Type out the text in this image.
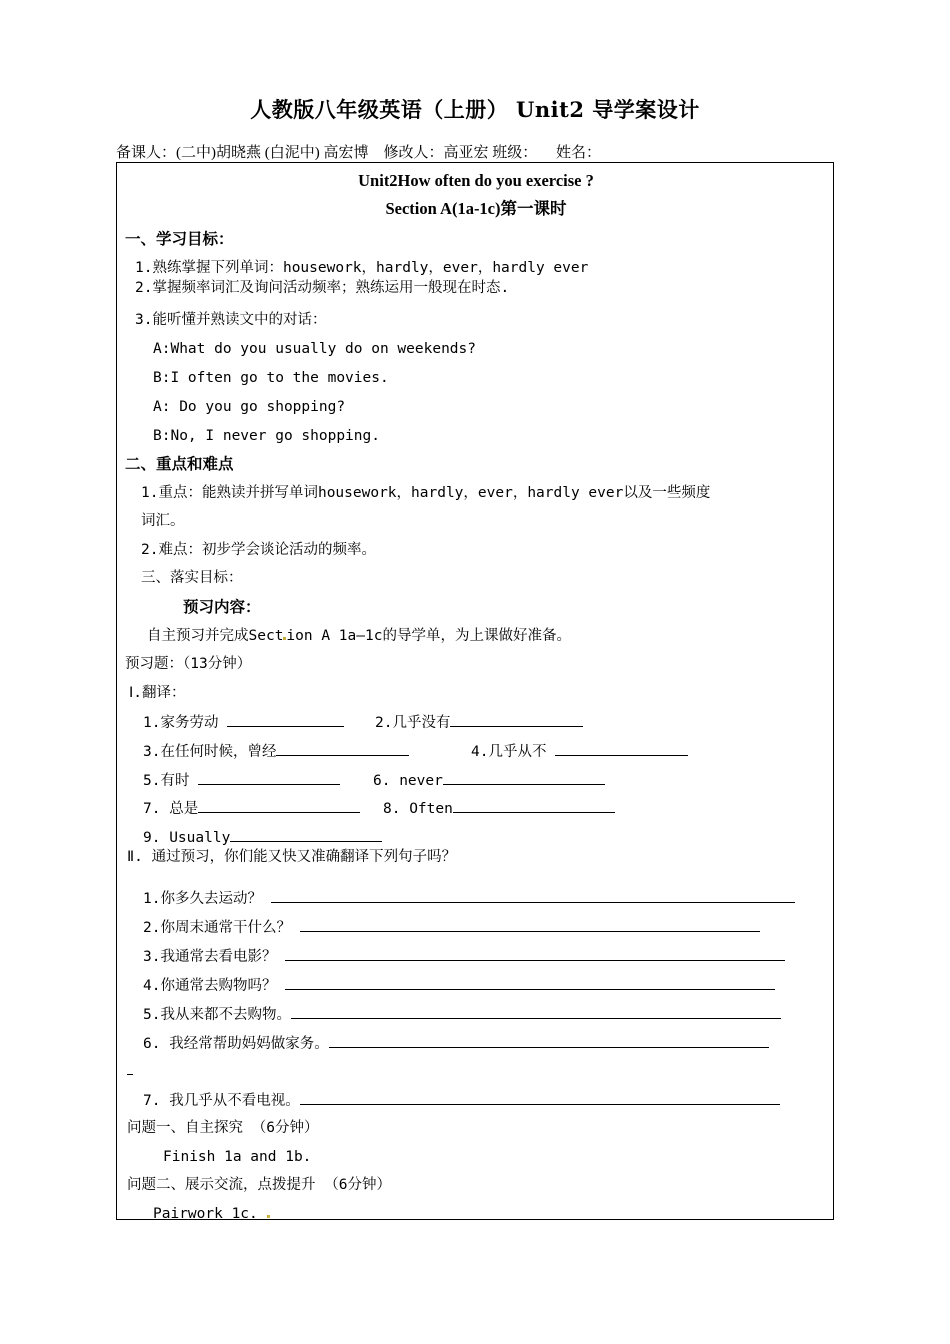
人教版八年级英语（上册） Unit2 导学案设计
备课人：(二中)胡晓燕 (白泥中) 高宏博    修改人：高亚宏 班级：     姓名：
Unit2How often do you exercise ?
Section A(1a-1c)第一课时
一、学习目标：
1.熟练掌握下列单词：housework，hardly，ever，hardly ever
2.掌握频率词汇及询问活动频率；熟练运用一般现在时态.
3.能听懂并熟读文中的对话：
A:What do you usually do on weekends?
B:I often go to the movies.
A: Do you go shopping?
B:No, I never go shopping.
二、重点和难点
1.重点：能熟读并拼写单词housework，hardly，ever，hardly ever以及一些频度
词汇。
2.难点：初步学会谈论活动的频率。
三、落实目标：
预习内容：
自主预习并完成Sect ion A 1a—1c的导学单，为上课做好准备。
预习题：（13分钟）
Ⅰ.翻译：
1.家务劳动	2.几乎没有
3.在任何时候，曾经	4.几乎从不
5.有时	6. never
7. 总是	8. Often
9. Usually
Ⅱ. 通过预习，你们能又快又准确翻译下列句子吗？
1.你多久去运动？
2.你周末通常干什么？
3.我通常去看电影？
4.你通常去购物吗？
5.我从来都不去购物。
6. 我经常帮助妈妈做家务。
7. 我几乎从不看电视。
问题一、自主探究 （6分钟）
Finish 1a and 1b.
问题二、展示交流，点拨提升 （6分钟）
Pairwork 1c.
